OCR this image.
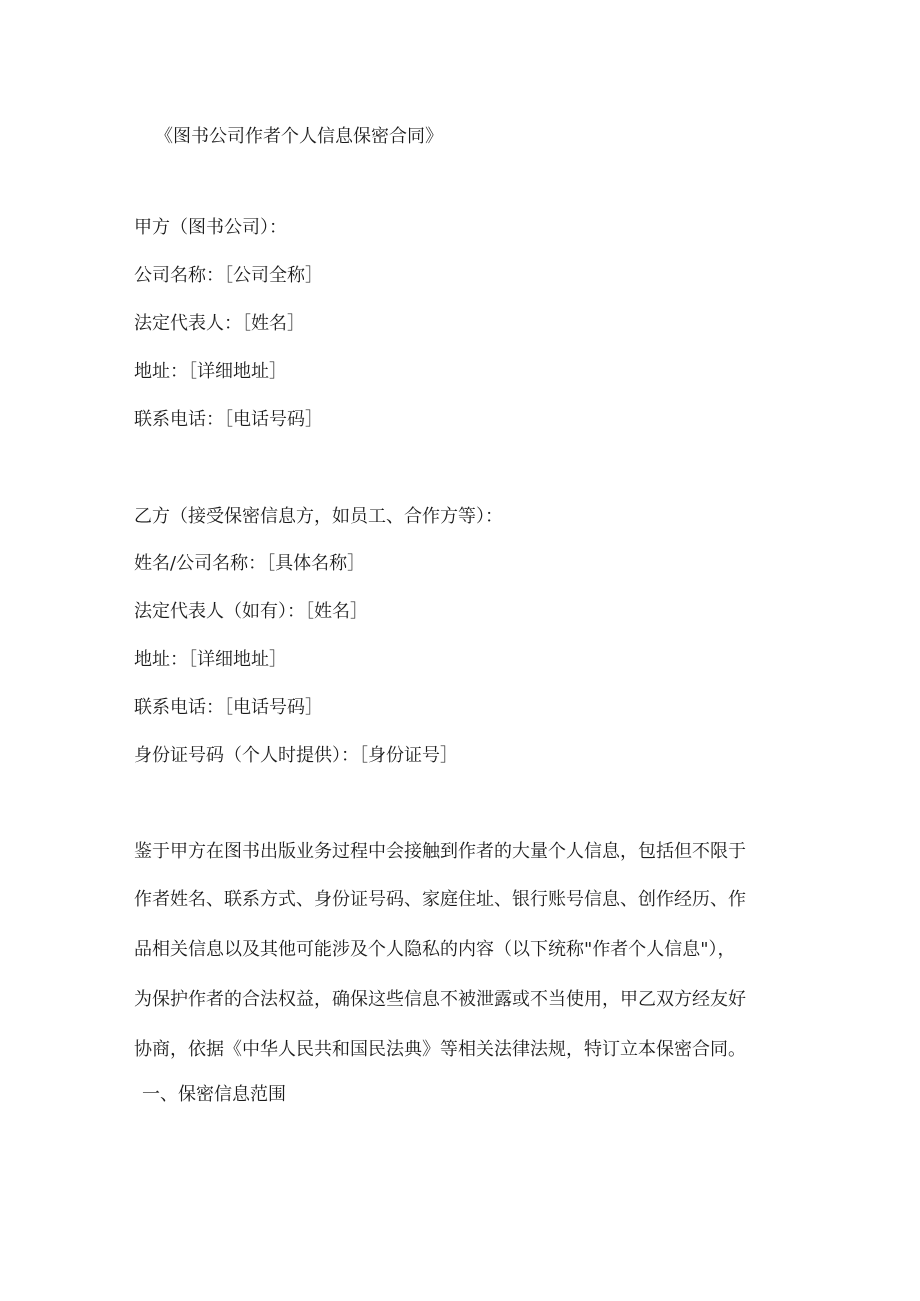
《图书公司作者个人信息保密合同》
甲方（图书公司）：
公司名称：［公司全称］
法定代表人：［姓名］
地址：［详细地址］
联系电话：［电话号码］
乙方（接受保密信息方，如员工、合作方等）：
姓名/公司名称：［具体名称］
法定代表人（如有）：［姓名］
地址：［详细地址］
联系电话：［电话号码］
身份证号码（个人时提供）：［身份证号］
鉴于甲方在图书出版业务过程中会接触到作者的大量个人信息，包括但不限于
作者姓名、联系方式、身份证号码、家庭住址、银行账号信息、创作经历、作
品相关信息以及其他可能涉及个人隐私的内容（以下统称"作者个人信息"），
为保护作者的合法权益，确保这些信息不被泄露或不当使用，甲乙双方经友好
协商，依据《中华人民共和国民法典》等相关法律法规，特订立本保密合同。
一、保密信息范围
